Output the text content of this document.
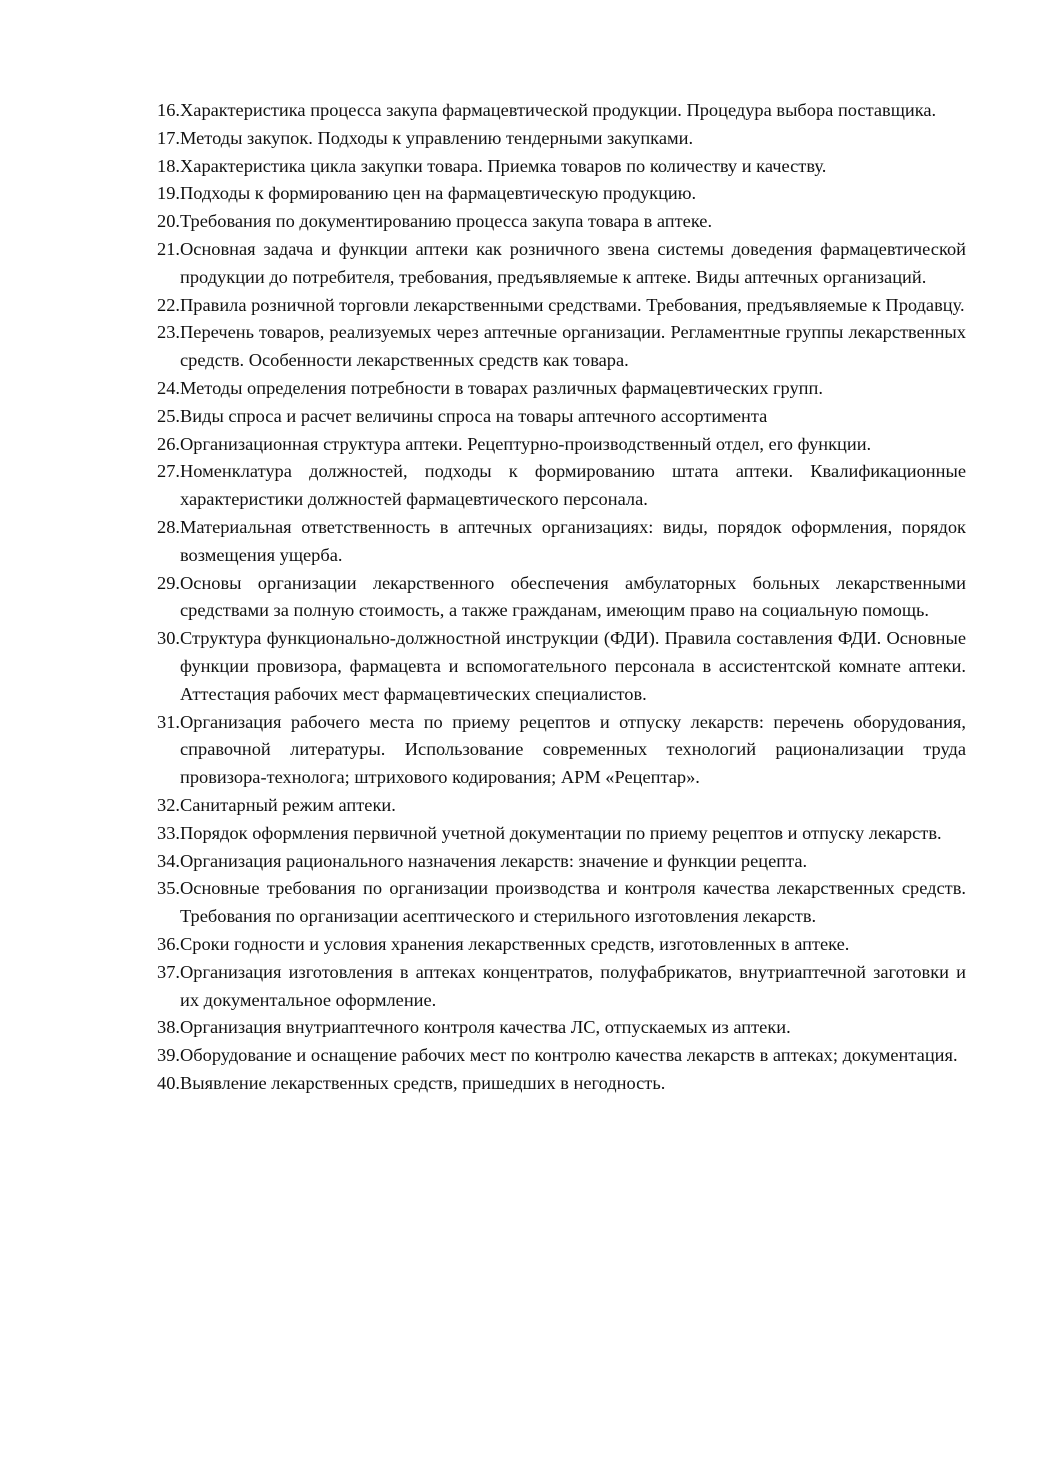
16. Характеристика процесса закупа фармацевтической продукции. Процедура выбора поставщика.
17. Методы закупок. Подходы к управлению тендерными закупками.
18. Характеристика цикла закупки товара. Приемка товаров по количеству и качеству.
19. Подходы к формированию цен на фармацевтическую продукцию.
20. Требования по документированию процесса закупа товара в аптеке.
21. Основная задача и функции аптеки как розничного звена системы доведения фармацевтической продукции до потребителя, требования, предъявляемые к аптеке. Виды аптечных организаций.
22. Правила розничной торговли лекарственными средствами. Требования, предъявляемые к Продавцу.
23. Перечень товаров, реализуемых через аптечные организации. Регламентные группы лекарственных средств. Особенности лекарственных средств как товара.
24. Методы определения потребности в товарах различных фармацевтических групп.
25. Виды спроса и расчет величины спроса на товары аптечного ассортимента
26. Организационная структура аптеки. Рецептурно-производственный отдел, его функции.
27. Номенклатура должностей, подходы к формированию штата аптеки. Квалификационные характеристики должностей фармацевтического персонала.
28. Материальная ответственность в аптечных организациях: виды, порядок оформления, порядок возмещения ущерба.
29. Основы организации лекарственного обеспечения амбулаторных больных лекарственными средствами за полную стоимость, а также гражданам, имеющим право на социальную помощь.
30. Структура функционально-должностной инструкции (ФДИ). Правила составления ФДИ. Основные функции провизора, фармацевта и вспомогательного персонала в ассистентской комнате аптеки. Аттестация рабочих мест фармацевтических специалистов.
31. Организация рабочего места по приему рецептов и отпуску лекарств: перечень оборудования, справочной литературы. Использование современных технологий рационализации труда провизора-технолога; штрихового кодирования; АРМ «Рецептар».
32. Санитарный режим аптеки.
33. Порядок оформления первичной учетной документации по приему рецептов и отпуску лекарств.
34. Организация рационального назначения лекарств: значение и функции рецепта.
35. Основные требования по организации производства и контроля качества лекарственных средств. Требования по организации асептического и стерильного изготовления лекарств.
36. Сроки годности и условия хранения лекарственных средств, изготовленных в аптеке.
37. Организация изготовления в аптеках концентратов, полуфабрикатов, внутриаптечной заготовки и их документальное оформление.
38. Организация внутриаптечного контроля качества ЛС, отпускаемых из аптеки.
39. Оборудование и оснащение рабочих мест по контролю качества лекарств в аптеках; документация.
40. Выявление лекарственных средств, пришедших в негодность.
